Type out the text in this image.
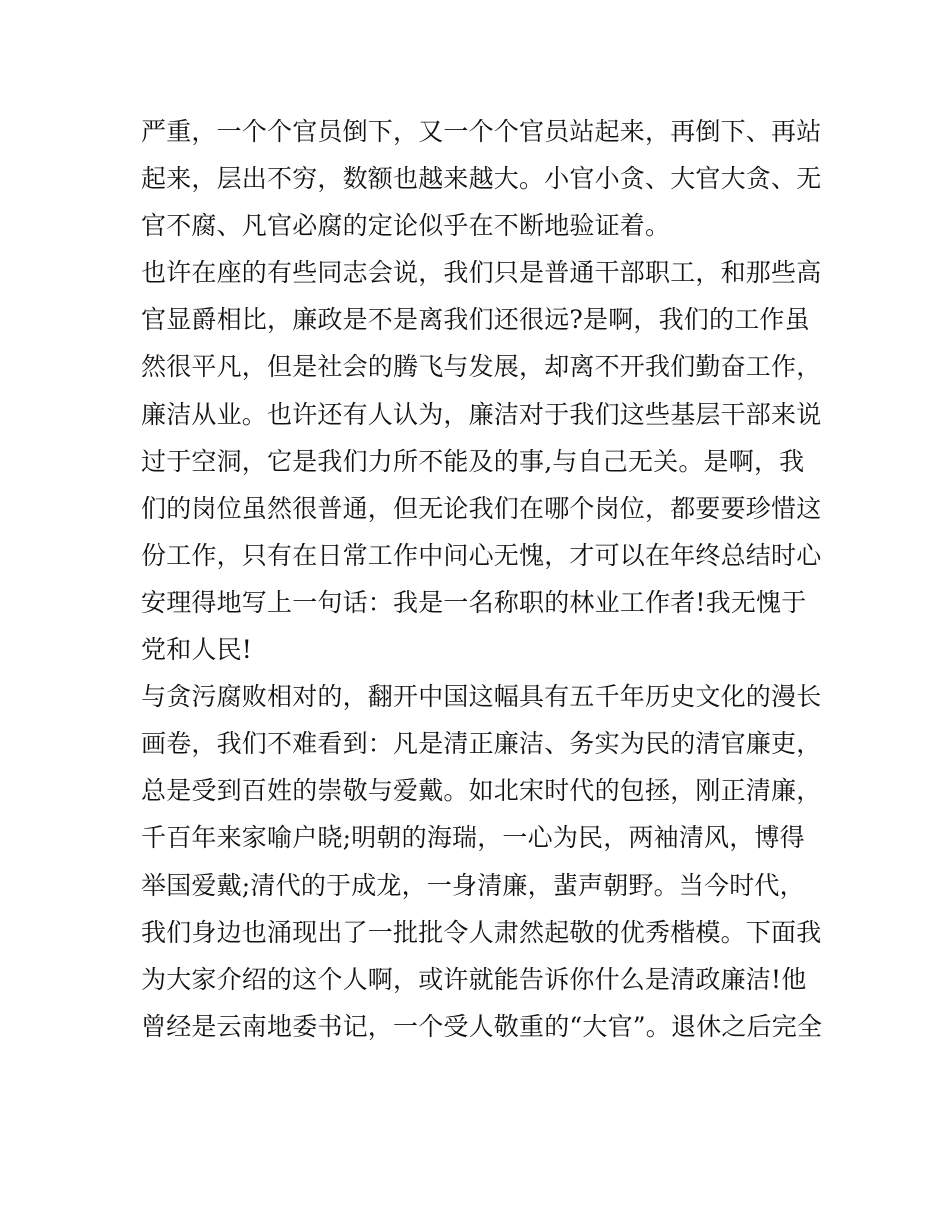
严重，一个个官员倒下，又一个个官员站起来，再倒下、再站
起来，层出不穷，数额也越来越大。小官小贪、大官大贪、无
官不腐、凡官必腐的定论似乎在不断地验证着。
也许在座的有些同志会说，我们只是普通干部职工，和那些高
官显爵相比，廉政是不是离我们还很远?是啊，我们的工作虽
然很平凡，但是社会的腾飞与发展，却离不开我们勤奋工作，
廉洁从业。也许还有人认为，廉洁对于我们这些基层干部来说
过于空洞，它是我们力所不能及的事,与自己无关。是啊，我
们的岗位虽然很普通，但无论我们在哪个岗位，都要要珍惜这
份工作，只有在日常工作中问心无愧，才可以在年终总结时心
安理得地写上一句话：我是一名称职的林业工作者!我无愧于
党和人民!
与贪污腐败相对的，翻开中国这幅具有五千年历史文化的漫长
画卷，我们不难看到：凡是清正廉洁、务实为民的清官廉吏，
总是受到百姓的崇敬与爱戴。如北宋时代的包拯，刚正清廉，
千百年来家喻户晓;明朝的海瑞，一心为民，两袖清风，博得
举国爱戴;清代的于成龙，一身清廉，蜚声朝野。当今时代，
我们身边也涌现出了一批批令人肃然起敬的优秀楷模。下面我
为大家介绍的这个人啊，或许就能告诉你什么是清政廉洁!他
曾经是云南地委书记，一个受人敬重的“大官”。退休之后完全
